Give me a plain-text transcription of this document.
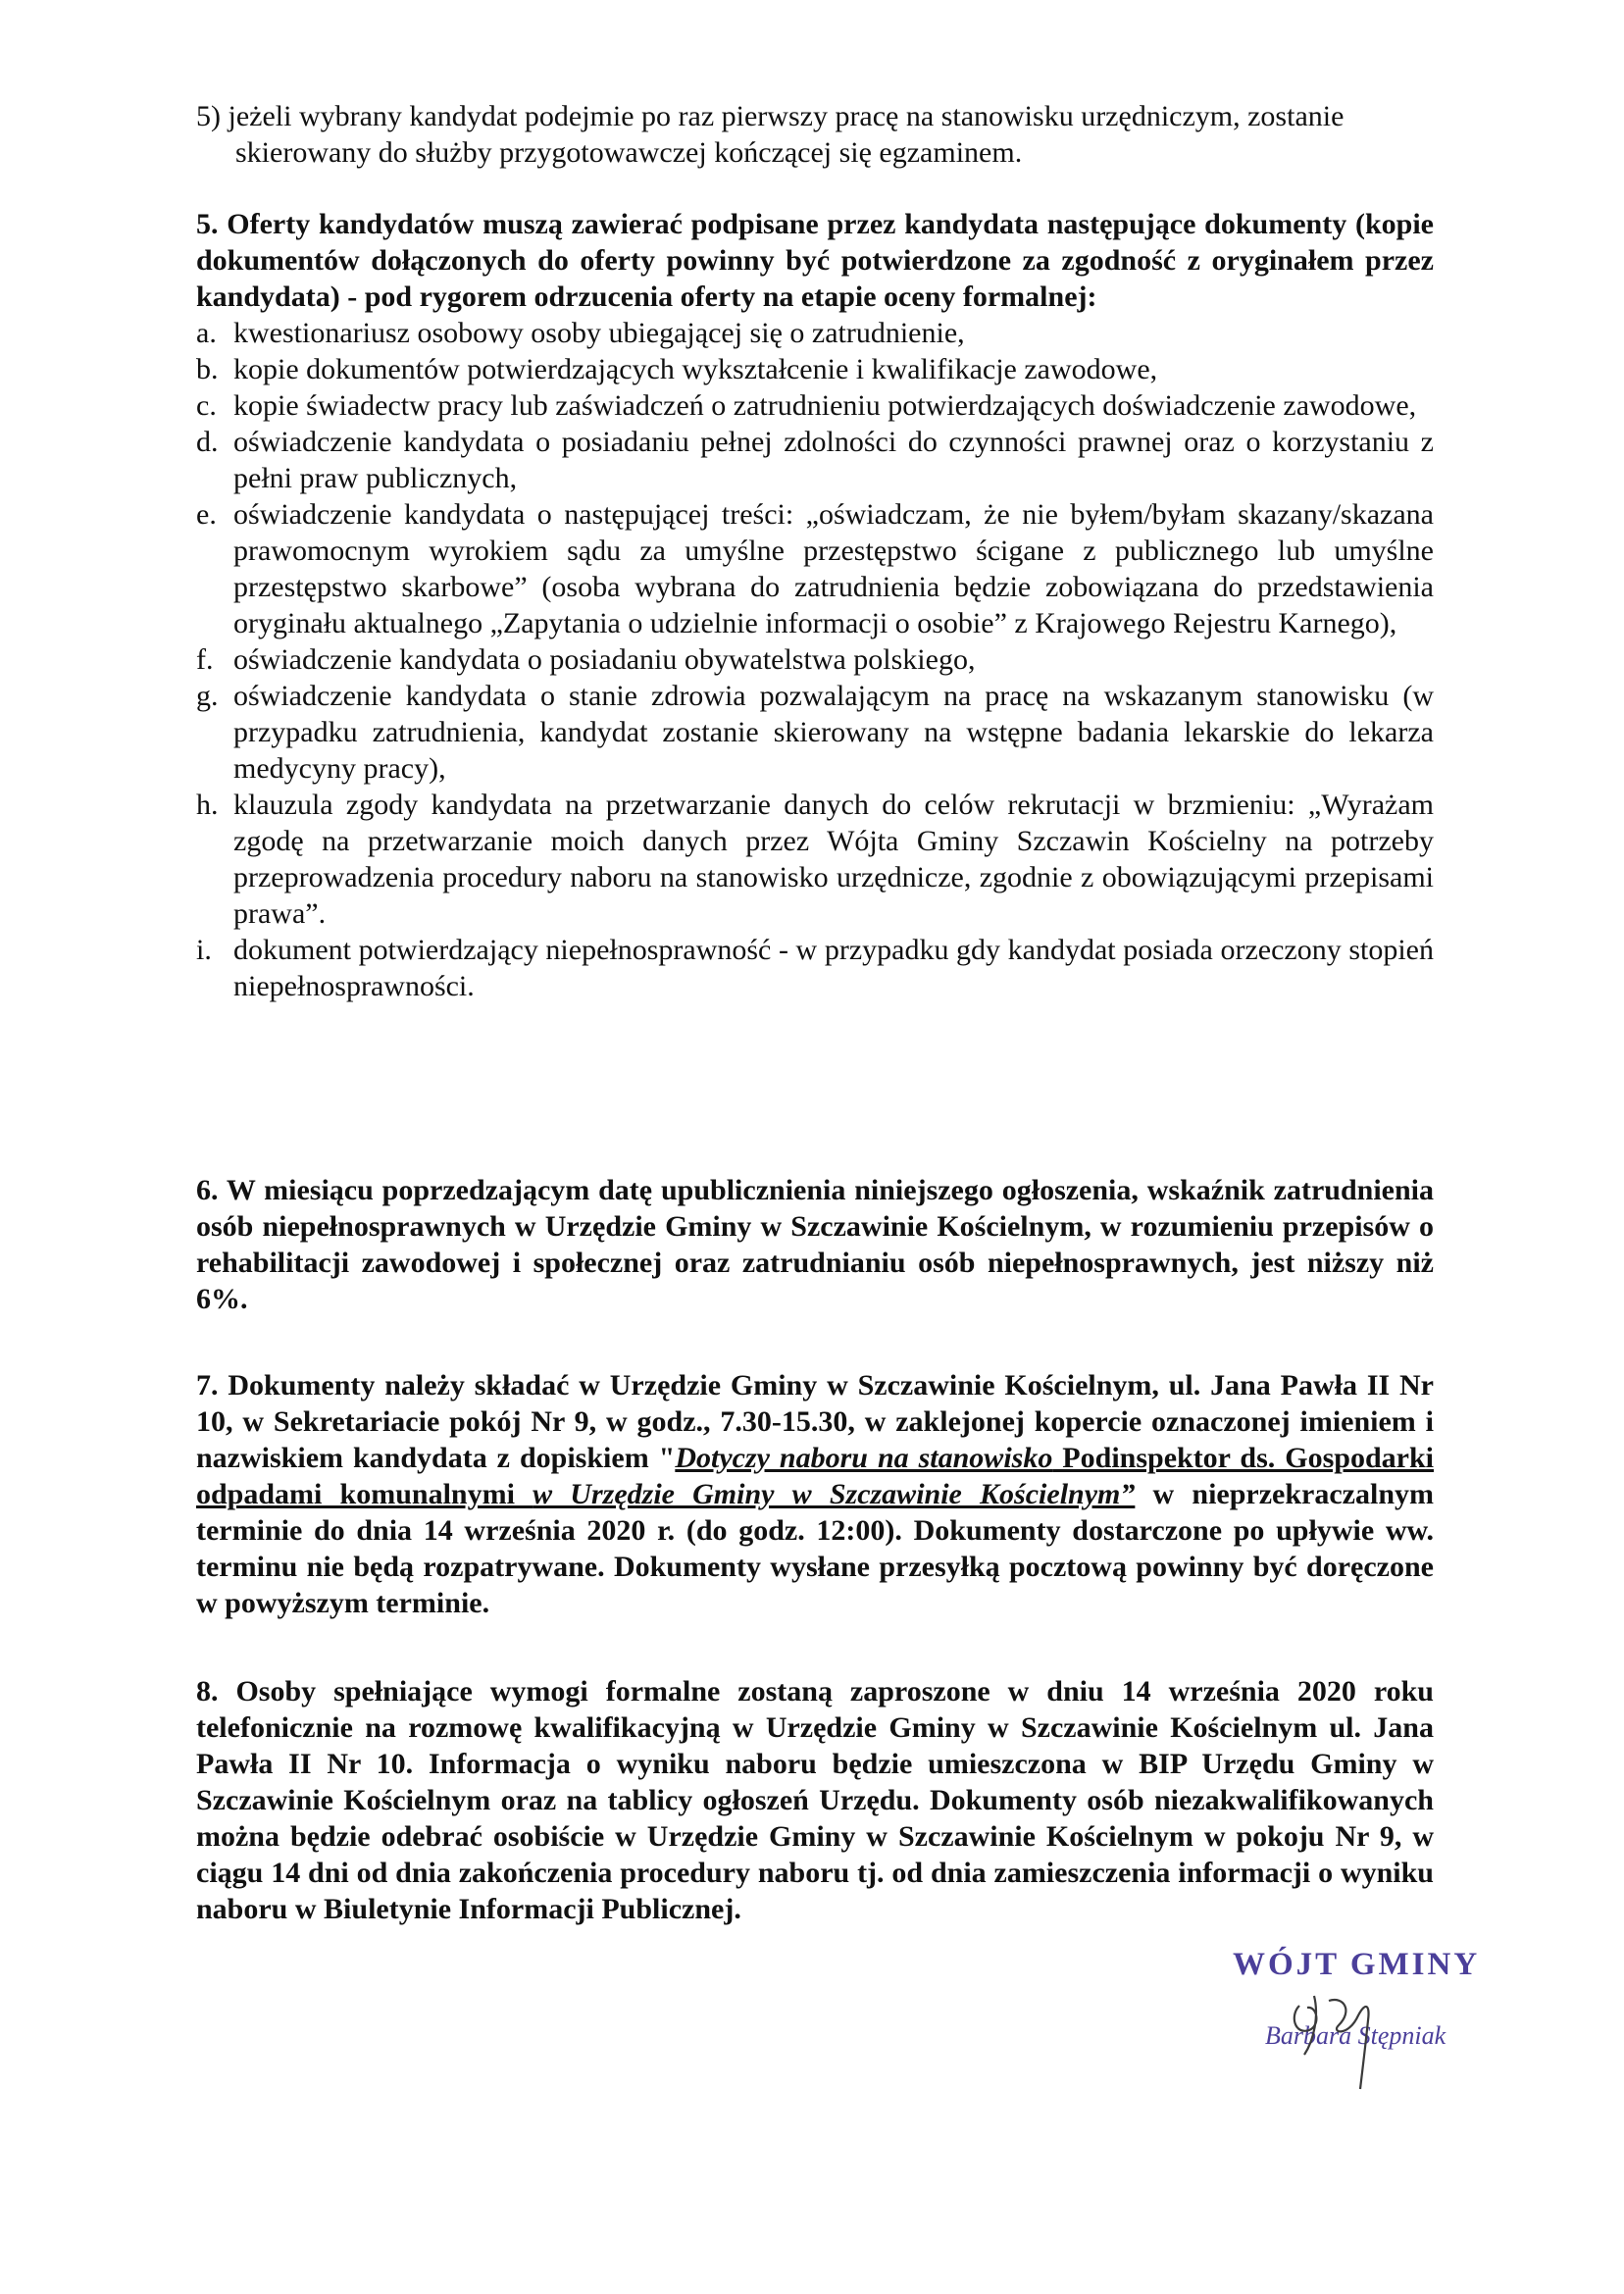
5) jeżeli wybrany kandydat podejmie po raz pierwszy pracę na stanowisku urzędniczym, zostanie skierowany do służby przygotowawczej kończącej się egzaminem.

5. Oferty kandydatów muszą zawierać podpisane przez kandydata następujące dokumenty (kopie dokumentów dołączonych do oferty powinny być potwierdzone za zgodność z oryginałem przez kandydata) - pod rygorem odrzucenia oferty na etapie oceny formalnej:

a. kwestionariusz osobowy osoby ubiegającej się o zatrudnienie,
b. kopie dokumentów potwierdzających wykształcenie i kwalifikacje zawodowe,
c. kopie świadectw pracy lub zaświadczeń o zatrudnieniu potwierdzających doświadczenie zawodowe,
d. oświadczenie kandydata o posiadaniu pełnej zdolności do czynności prawnej oraz o korzystaniu z pełni praw publicznych,
e. oświadczenie kandydata o następującej treści: „oświadczam, że nie byłem/byłam skazany/skazana prawomocnym wyrokiem sądu za umyślne przestępstwo ścigane z publicznego lub umyślne przestępstwo skarbowe” (osoba wybrana do zatrudnienia będzie zobowiązana do przedstawienia oryginału aktualnego „Zapytania o udzielnie informacji o osobie” z Krajowego Rejestru Karnego),
f. oświadczenie kandydata o posiadaniu obywatelstwa polskiego,
g. oświadczenie kandydata o stanie zdrowia pozwalającym na pracę na wskazanym stanowisku (w przypadku zatrudnienia, kandydat zostanie skierowany na wstępne badania lekarskie do lekarza medycyny pracy),
h. klauzula zgody kandydata na przetwarzanie danych do celów rekrutacji w brzmieniu: „Wyrażam zgodę na przetwarzanie moich danych przez Wójta Gminy Szczawin Kościelny na potrzeby przeprowadzenia procedury naboru na stanowisko urzędnicze, zgodnie z obowiązującymi przepisami prawa”.
i. dokument potwierdzający niepełnosprawność - w przypadku gdy kandydat posiada orzeczony stopień niepełnosprawności.

6. W miesiącu poprzedzającym datę upublicznienia niniejszego ogłoszenia, wskaźnik zatrudnienia osób niepełnosprawnych w Urzędzie Gminy w Szczawinie Kościelnym, w rozumieniu przepisów o rehabilitacji zawodowej i społecznej oraz zatrudnianiu osób niepełnosprawnych, jest niższy niż 6%.

7. Dokumenty należy składać w Urzędzie Gminy w Szczawinie Kościelnym, ul. Jana Pawła II Nr 10, w Sekretariacie pokój Nr 9, w godz., 7.30-15.30, w zaklejonej kopercie oznaczonej imieniem i nazwiskiem kandydata z dopiskiem "Dotyczy naboru na stanowisko Podinspektor ds. Gospodarki odpadami komunalnymi w Urzędzie Gminy w Szczawinie Kościelnym” w nieprzekraczalnym terminie do dnia 14 września 2020 r. (do godz. 12:00). Dokumenty dostarczone po upływie ww. terminu nie będą rozpatrywane. Dokumenty wysłane przesyłką pocztową powinny być doręczone w powyższym terminie.

8. Osoby spełniające wymogi formalne zostaną zaproszone w dniu 14 września 2020 roku telefonicznie na rozmowę kwalifikacyjną w Urzędzie Gminy w Szczawinie Kościelnym ul. Jana Pawła II Nr 10. Informacja o wyniku naboru będzie umieszczona w BIP Urzędu Gminy w Szczawinie Kościelnym oraz na tablicy ogłoszeń Urzędu. Dokumenty osób niezakwalifikowanych można będzie odebrać osobiście w Urzędzie Gminy w Szczawinie Kościelnym w pokoju Nr 9, w ciągu 14 dni od dnia zakończenia procedury naboru tj. od dnia zamieszczenia informacji o wyniku naboru w Biuletynie Informacji Publicznej.

WÓJT GMINY
Barbara Stępniak
